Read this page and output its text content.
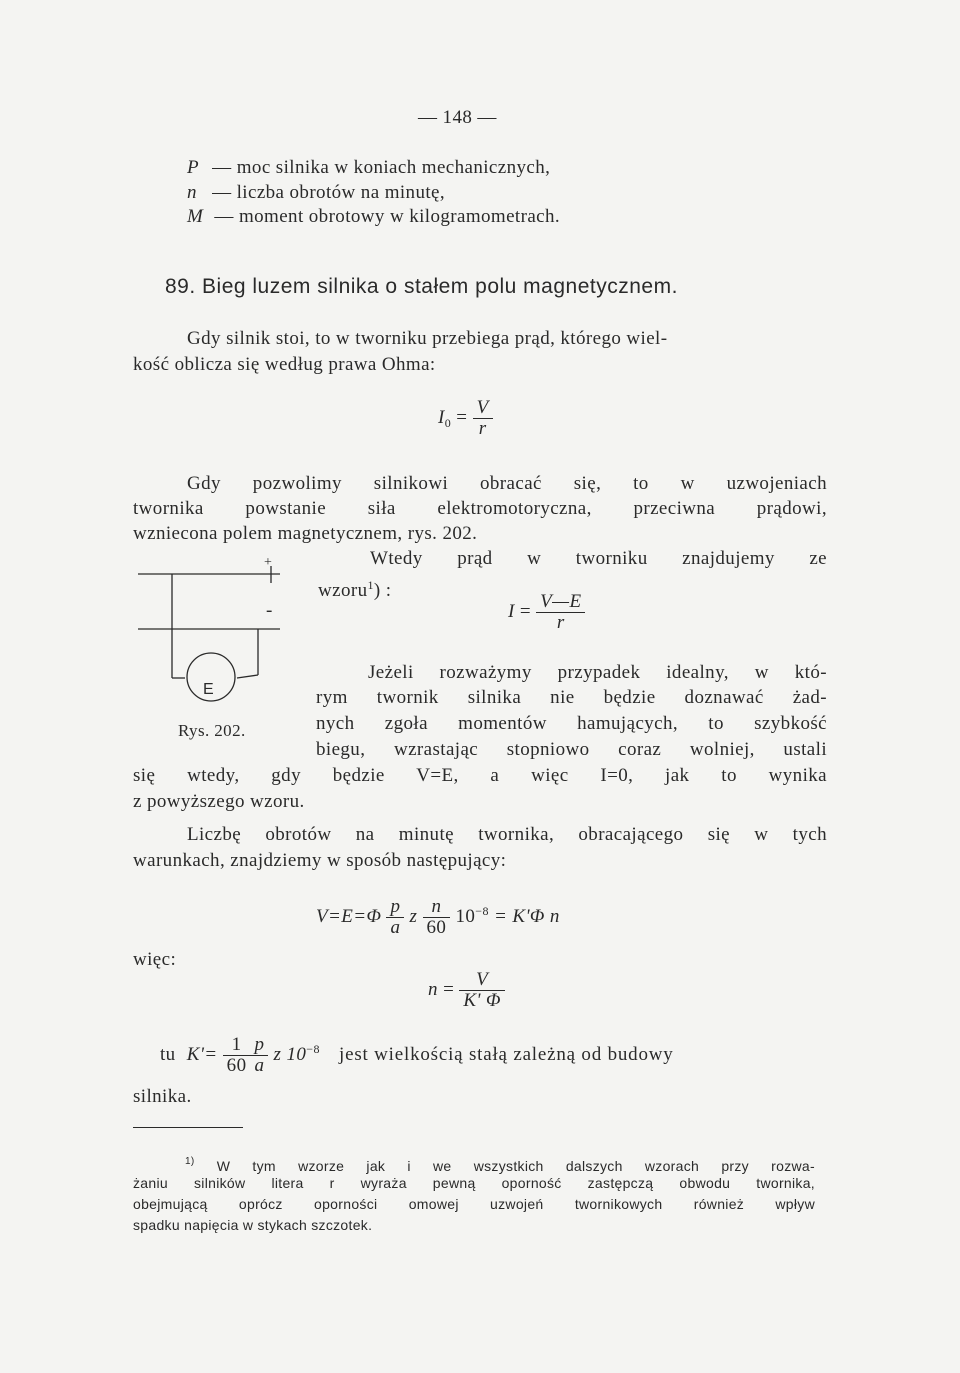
— 148 —
P — moc silnika w koniach mechanicznych,
n — liczba obrotów na minutę,
M — moment obrotowy w kilogramometrach.
89. Bieg luzem silnika o stałem polu magnetycznem.
Gdy silnik stoi, to w tworniku przebiega prąd, którego wiel-
kość oblicza się według prawa Ohma:
$I_0 = \frac{V}{r}$
Gdy pozwolimy silnikowi obracać się, to w uzwojeniach
twornika powstanie siła elektromotoryczna, przeciwna prądowi,
wzniecona polem magnetycznem, rys. 202.
Wtedy prąd w tworniku znajdujemy ze
wzoru$^1$) :
$I = \frac{V—E}{r}$
+
-
E
Rys. 202.
Jeżeli rozważymy przypadek idealny, w któ-
rym twornik silnika nie będzie doznawać żad-
nych zgoła momentów hamujących, to szybkość
biegu, wzrastając stopniowo coraz wolniej, ustali
się wtedy, gdy będzie V=E, a więc I=0, jak to wynika
z powyższego wzoru.
Liczbę obrotów na minutę twornika, obracającego się w tych
warunkach, znajdziemy w sposób następujący:
$V=E=\Phi \frac{p}{a}$ z $\frac{n}{60} 10^{-8} = K'\Phi$ n
więc:
$n = \frac{V}{K' \Phi}$
tu $K'= \frac{1}{60} \frac{p}{a}$ z $10^{-8}$ jest wielkością stałą zależną od budowy
silnika.
$^{1)}$ W tym wzorze jak i we wszystkich dalszych wzorach przy rozwa-
żaniu silników litera r wyraża pewną oporność zastępczą obwodu twornika,
obejmującą oprócz oporności omowej uzwojeń twornikowych również wpływ
spadku napięcia w stykach szczotek.
